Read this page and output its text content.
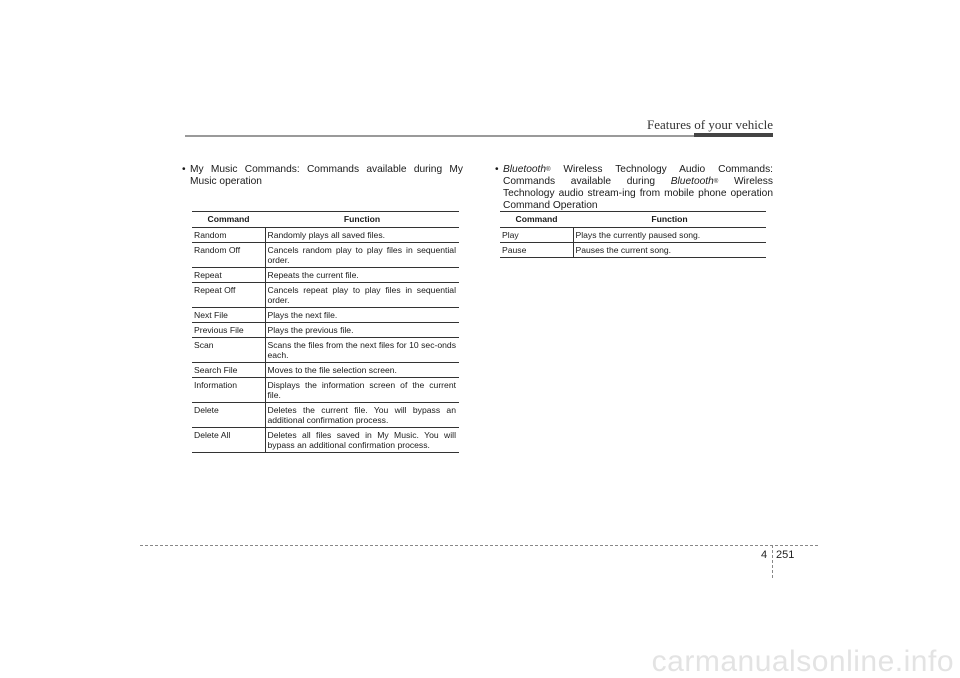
Features of your vehicle
• My Music Commands: Commands available during My Music operation
Command	Function
Random	Randomly plays all saved files.
Random Off	Cancels random play to play files in sequential order.
Repeat	Repeats the current file.
Repeat Off	Cancels repeat play to play files in sequential order.
Next File	Plays the next file.
Previous File	Plays the previous file.
Scan	Scans the files from the next files for 10 sec-onds each.
Search File	Moves to the file selection screen.
Information	Displays the information screen of the current file.
Delete	Deletes the current file. You will bypass an additional confirmation process.
Delete All	Deletes all files saved in My Music. You will bypass an additional confirmation process.
• Bluetooth® Wireless Technology Audio Commands: Commands available during Bluetooth® Wireless Technology audio stream-ing from mobile phone operation Command Operation
Command	Function
Play	Plays the currently paused song.
Pause	Pauses the current song.
4 251
carmanualsonline.info
